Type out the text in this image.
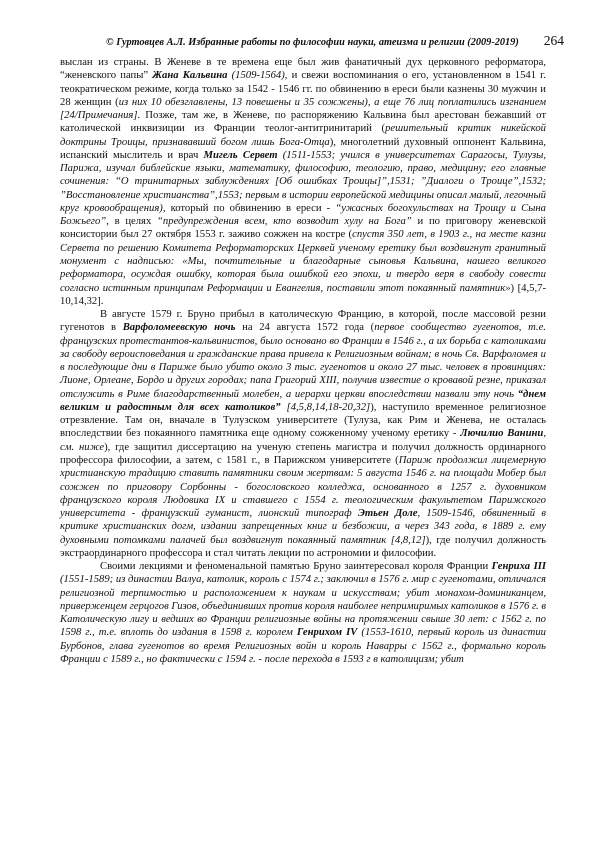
© Гуртовцев А.Л. Избранные работы по философии науки, атеизма и религии (2009-2019) 264

выслан из страны. В Женеве в те времена еще был жив фанатичный дух церковного реформатора, “женевского папы” Жана Кальвина (1509-1564), и свежи воспоминания о его, установленном в 1541 г. теократическом режиме, когда только за 1542 - 1546 гг. по обвинению в ереси были казнены 30 мужчин и 28 женщин (из них 10 обезглавлены, 13 повешены и 35 сожжены), а еще 76 лиц поплатились изгнанием [24/Примечания]. Позже, там же, в Женеве, по распоряжению Кальвина был арестован бежавший от католической инквизиции из Франции теолог-антитринитарий (решительный критик никейской доктрины Троицы, признававший богом лишь Бога-Отца), многолетний духовный оппонент Кальвина, испанский мыслитель и врач Мигель Сервет (1511-1553; учился в университетах Сарагосы, Тулузы, Парижа, изучал библейские языки, математику, философию, теологию, право, медицину; его главные сочинения: “О тринитарных заблуждениях [Об ошибках Троицы]”,1531; ”Диалоги о Троице”,1532; ”Восстановление христианства”,1553; первым в истории европейской медицины описал малый, легочный круг кровообращения), который по обвинению в ереси - “ужасных богохульствах на Троицу и Сына Божьего”, в целях “предупреждения всем, кто возводит хулу на Бога” и по приговору женевской консистории был 27 октября 1553 г. заживо сожжен на костре (спустя 350 лет, в 1903 г., на месте казни Сервета по решению Комитета Реформаторских Церквей ученому еретику был воздвигнут гранитный монумент с надписью: «Мы, почтительные и благодарные сыновья Кальвина, нашего великого реформатора, осуждая ошибку, которая была ошибкой его эпохи, и твердо веря в свободу совести согласно истинным принципам Реформации и Евангелия, поставили этот покаянный памятник») [4,5,7-10,14,32].

В августе 1579 г. Бруно прибыл в католическую Францию, в которой, после массовой резни гугенотов в Варфоломеевскую ночь на 24 августа 1572 года (первое сообщество гугенотов, т.е. французских протестантов-кальвинистов, было основано во Франции в 1546 г., а их борьба с католиками за свободу вероисповедания и гражданские права привела к Религиозным войнам; в ночь Св. Варфоломея и в последующие дни в Париже было убито около 3 тыс. гугенотов и около 27 тыс. человек в провинциях: Лионе, Орлеане, Бордо и других городах; папа Григорий XIII, получив известие о кровавой резне, приказал отслужить в Риме благодарственный молебен, а иерархи церкви впоследствии назвали эту ночь “днем великим и радостным для всех католиков” [4,5,8,14,18-20,32]), наступило временное религиозное отрезвление. Там он, вначале в Тулузском университете (Тулуза, как Рим и Женева, не осталась впоследствии без покаянного памятника еще одному сожженному ученому еретику - Лючилио Ванини, см. ниже), где защитил диссертацию на ученую степень магистра и получил должность ординарного профессора философии, а затем, с 1581 г., в Парижском университете (Париж продолжил лицемерную христианскую традицию ставить памятники своим жертвам: 5 августа 1546 г. на площади Мобер был сожжен по приговору Сорбонны - богословского колледжа, основанного в 1257 г. духовником французского короля Людовика IX и ставшего с 1554 г. теологическим факультетом Парижского университета - французский гуманист, лионский типограф Этьен Доле, 1509-1546, обвиненный в критике христианских догм, издании запрещенных книг и безбожии, а через 343 года, в 1889 г. ему духовными потомками палачей был воздвигнут покаянный памятник [4,8,12]), где получил должность экстраординарного профессора и стал читать лекции по астрономии и философии.

Своими лекциями и феноменальной памятью Бруно заинтересовал короля Франции Генриха III (1551-1589; из династии Валуа, католик, король с 1574 г.; заключил в 1576 г. мир с гугенотами, отличался религиозной терпимостью и расположением к наукам и искусствам; убит монахом-доминиканцем, приверженцем герцогов Гизов, объединивших против короля наиболее непримиримых католиков в 1576 г. в Католическую лигу и ведших во Франции религиозные войны на протяжении свыше 30 лет: с 1562 г. по 1598 г., т.е. вплоть до издания в 1598 г. королем Генрихом IV (1553-1610, первый король из династии Бурбонов, глава гугенотов во время Религиозных войн и король Наварры с 1562 г., формально король Франции с 1589 г., но фактически с 1594 г. - после перехода в 1593 г в католицизм; убит
